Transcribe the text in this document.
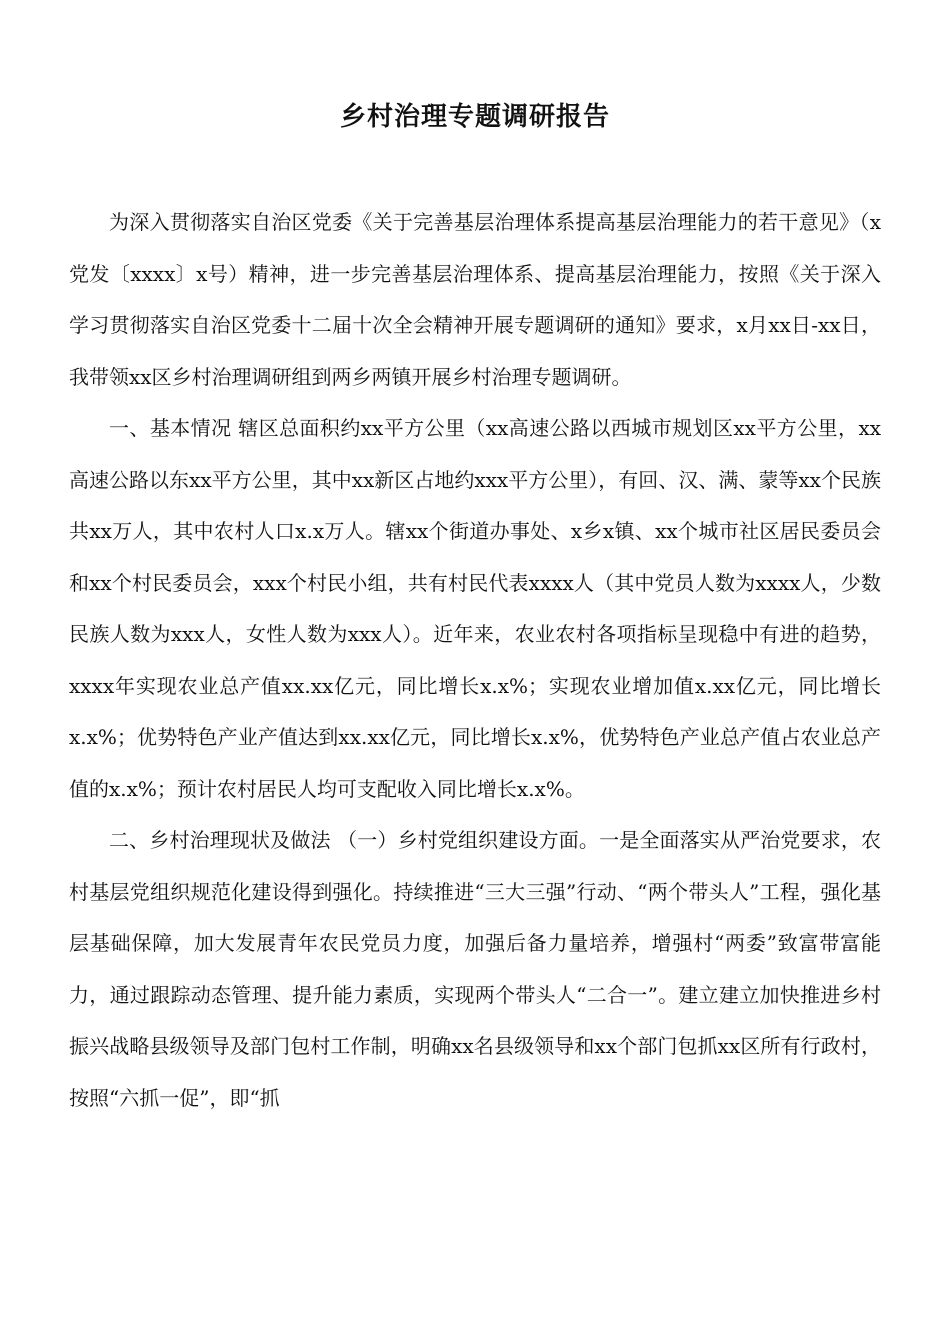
乡村治理专题调研报告

为深入贯彻落实自治区党委《关于完善基层治理体系提高基层治理能力的若干意见》（x党发〔xxxx〕x号）精神，进一步完善基层治理体系、提高基层治理能力，按照《关于深入学习贯彻落实自治区党委十二届十次全会精神开展专题调研的通知》要求，x月xx日-xx日，我带领xx区乡村治理调研组到两乡两镇开展乡村治理专题调研。

一、基本情况 辖区总面积约xx平方公里（xx高速公路以西城市规划区xx平方公里，xx高速公路以东xx平方公里，其中xx新区占地约xxx平方公里），有回、汉、满、蒙等xx个民族共xx万人，其中农村人口x.x万人。辖xx个街道办事处、x乡x镇、xx个城市社区居民委员会和xx个村民委员会，xxx个村民小组，共有村民代表xxxx人（其中党员人数为xxxx人，少数民族人数为xxx人，女性人数为xxx人）。近年来，农业农村各项指标呈现稳中有进的趋势，xxxx年实现农业总产值xx.xx亿元，同比增长x.x%；实现农业增加值x.xx亿元，同比增长x.x%；优势特色产业产值达到xx.xx亿元，同比增长x.x%，优势特色产业总产值占农业总产值的x.x%；预计农村居民人均可支配收入同比增长x.x%。

二、乡村治理现状及做法 （一）乡村党组织建设方面。一是全面落实从严治党要求，农村基层党组织规范化建设得到强化。持续推进“三大三强”行动、“两个带头人”工程，强化基层基础保障，加大发展青年农民党员力度，加强后备力量培养，增强村“两委”致富带富能力，通过跟踪动态管理、提升能力素质，实现两个带头人“二合一”。建立建立加快推进乡村振兴战略县级领导及部门包村工作制，明确xx名县级领导和xx个部门包抓xx区所有行政村，按照“六抓一促”，即“抓
